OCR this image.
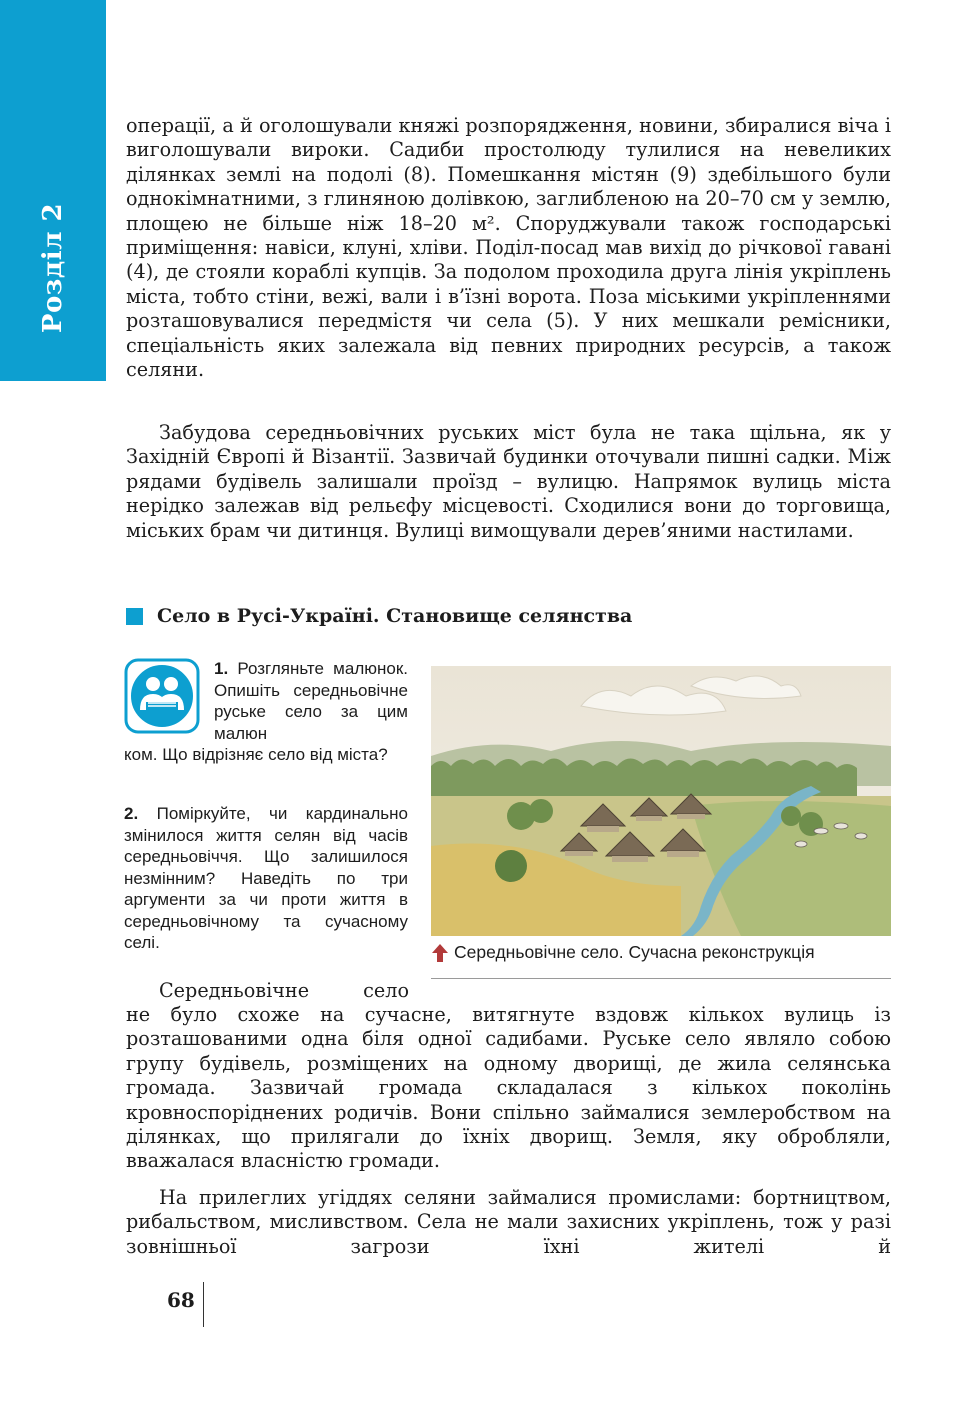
Розділ 2

операції, а й оголошували княжі розпорядження, новини, збиралися віча і виголошували вироки. Садиби простолюду тулилися на невеликих ділянках землі на подолі (8). Помешкання містян (9) здебільшого були однокімнатними, з глиняною долівкою, заглибленою на 20–70 см у землю, площею не більше ніж 18–20 м². Споруджували також господарські приміщення: навіси, клуні, хліви. Поділ-посад мав вихід до річкової гавані (4), де стояли кораблі купців. За подолом проходила друга лінія укріплень міста, тобто стіни, вежі, вали і в’їзні ворота. Поза міськими укріпленнями розташовувалися передмістя чи села (5). У них мешкали ремісники, спеціальність яких залежала від певних природних ресурсів, а також селяни.

Забудова середньовічних руських міст була не така щільна, як у Західній Європі й Візантії. Зазвичай будинки оточували пишні садки. Між рядами будівель залишали проїзд – вулицю. Напрямок вулиць міста нерідко залежав від рельєфу місцевості. Сходилися вони до торговища, міських брам чи дитинця. Вулиці вимощували дерев’яними настилами.

Село в Русі-Україні. Становище селянства

1. Розгляньте малюнок. Опишіть середньовічне руське село за цим малюн

ком. Що відрізняє село від міста?

2. Поміркуйте, чи кардинально змінилося життя селян від часів середньовіччя. Що залишилося незмінним? Наведіть по три аргументи за чи проти життя в середньовічному та сучасному селі.	Середньовічне село. Сучасна реконструкція

Середньовічне село

не було схоже на сучасне, витягнуте вздовж кількох вулиць із розташованими одна біля одної садибами. Руське село являло собою групу будівель, розміщених на одному дворищі, де жила селянська громада. Зазвичай громада складалася з кількох поколінь кровноспоріднених родичів. Вони спільно займалися землеробством на ділянках, що прилягали до їхніх дворищ. Земля, яку обробляли, вважалася власністю громади.

На прилеглих угіддях селяни займалися промислами: бортництвом, рибальством, мисливством. Села не мали захисних укріплень, тож у разі зовнішньої загрози їхні жителі й

68
